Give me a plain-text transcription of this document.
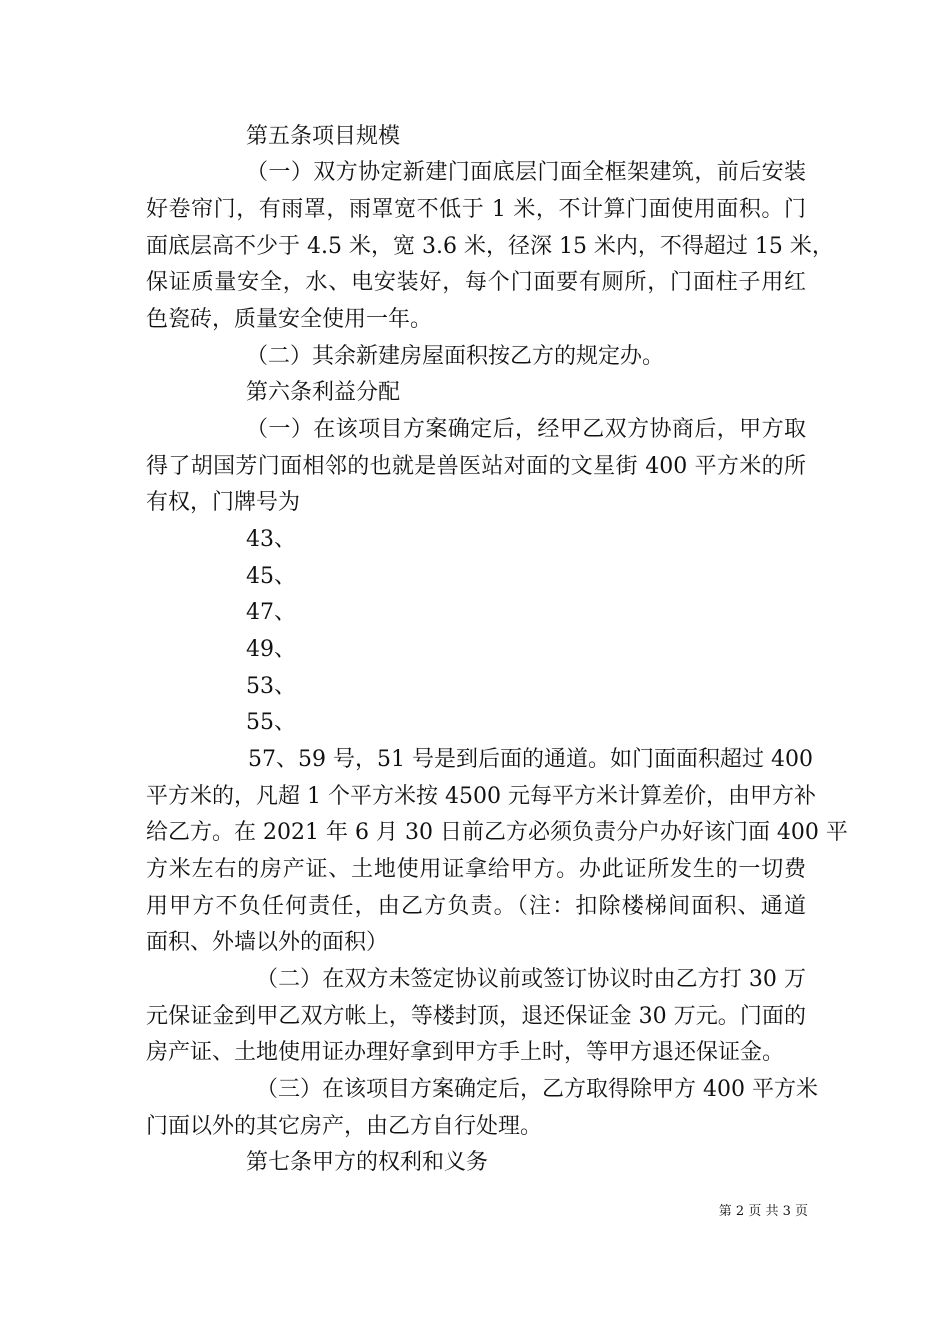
第五条项目规模
（一）双方协定新建门面底层门面全框架建筑，前后安装
好卷帘门，有雨罩，雨罩宽不低于 1 米，不计算门面使用面积。门
面底层高不少于 4.5 米，宽 3.6 米，径深 15 米内，不得超过 15 米，
保证质量安全，水、电安装好，每个门面要有厕所，门面柱子用红
色瓷砖，质量安全使用一年。
（二）其余新建房屋面积按乙方的规定办。
第六条利益分配
（一）在该项目方案确定后，经甲乙双方协商后，甲方取
得了胡国芳门面相邻的也就是兽医站对面的文星街 400 平方米的所
有权，门牌号为
43、
45、
47、
49、
53、
55、
57、59 号，51 号是到后面的通道。如门面面积超过 400
平方米的，凡超 1 个平方米按 4500 元每平方米计算差价，由甲方补
给乙方。在 2021 年 6 月 30 日前乙方必须负责分户办好该门面 400 平
方米左右的房产证、土地使用证拿给甲方。办此证所发生的一切费
用甲方不负任何责任，由乙方负责。（注：扣除楼梯间面积、通道
面积、外墙以外的面积）
（二）在双方未签定协议前或签订协议时由乙方打 30 万
元保证金到甲乙双方帐上，等楼封顶，退还保证金 30 万元。门面的
房产证、土地使用证办理好拿到甲方手上时，等甲方退还保证金。
（三）在该项目方案确定后，乙方取得除甲方 400 平方米
门面以外的其它房产，由乙方自行处理。
第七条甲方的权利和义务
第 2 页 共 3 页
